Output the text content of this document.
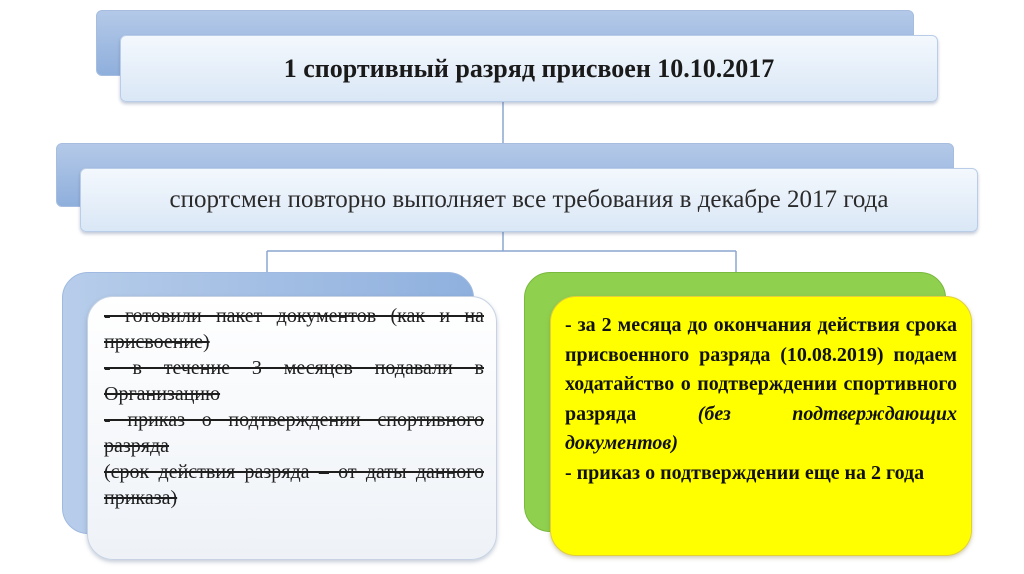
1 спортивный разряд присвоен 10.10.2017
спортсмен повторно выполняет все требования в декабре 2017 года

- готовили пакет документов (как и на присвоение)

- в течение 3 месяцев подавали в Организацию

- приказ о подтверждении спортивного разряда

(срок действия разряда – от даты данного приказа)

- за 2 месяца до окончания действия срока присвоенного разряда (10.08.2019) подаем ходатайство о подтверждении спортивного разряда	(без подтверждающих документов)

- приказ о подтверждении еще на 2 года
